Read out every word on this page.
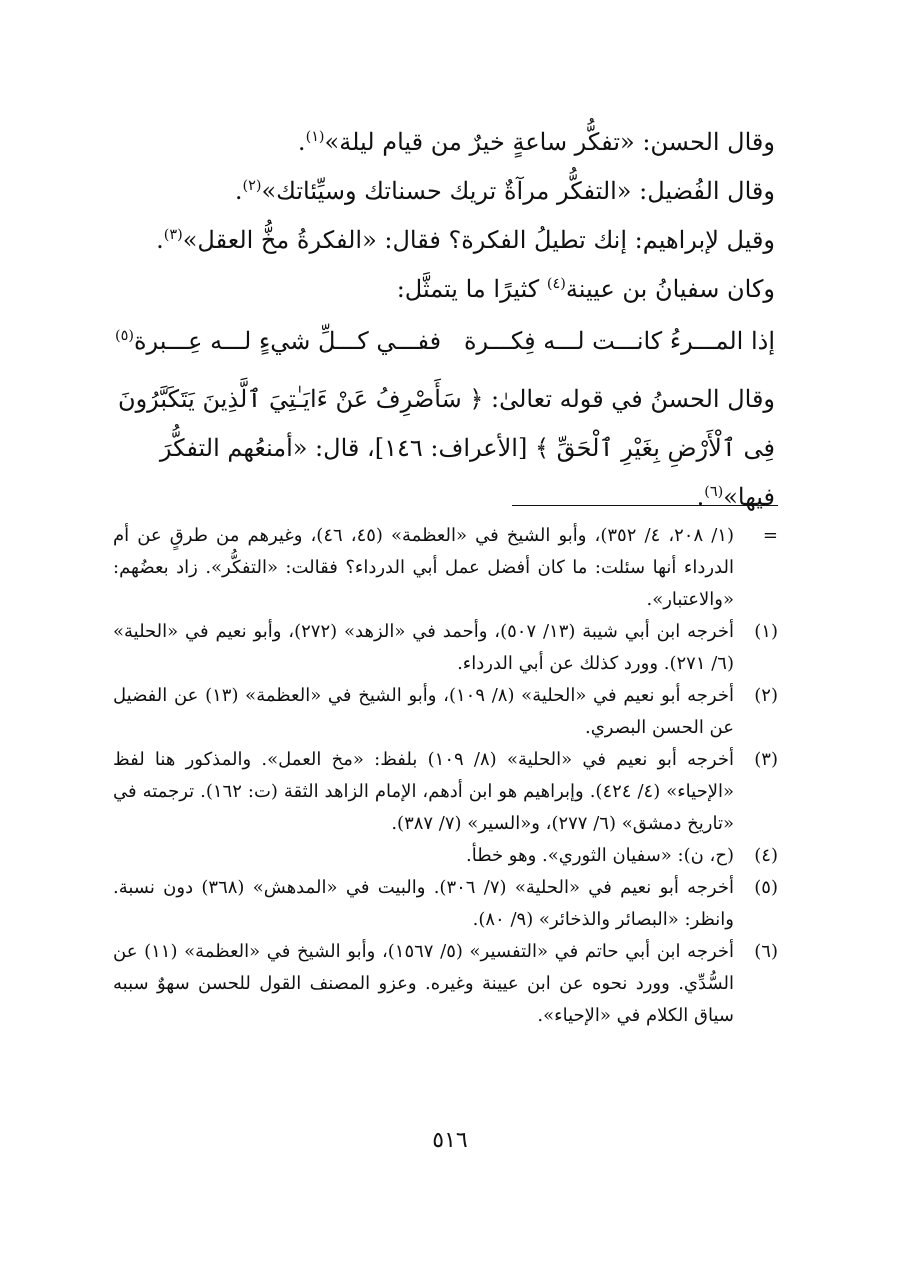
وقال الحسن: «تفكُّر ساعةٍ خيرٌ من قيام ليلة»$^{(١)}$.

وقال الفُضيل: «التفكُّر مرآةٌ تريك حسناتك وسيِّئاتك»$^{(٢)}$.

وقيل لإبراهيم: إنك تطيلُ الفكرة؟ فقال: «الفكرةُ مخُّ العقل»$^{(٣)}$.

وكان سفيانُ بن عيينة$^{(٤)}$ كثيرًا ما يتمثَّل:

إذا المـــرءُ كانـــت لـــه فِكـــرة
ففـــي كـــلِّ شيءٍ لـــه عِـــبرة$^{(٥)}$

وقال الحسنُ في قوله تعالىٰ: ﴿ سَأَصْرِفُ عَنْ ءَايَـٰتِيَ ٱلَّذِينَ يَتَكَبَّرُونَ فِى ٱلْأَرْضِ بِغَيْرِ ٱلْحَقِّ ﴾ [الأعراف: ١٤٦]، قال: «أمنعُهم التفكُّرَ فيها»$^{(٦)}$.

=
(١/ ٢٠٨، ٤/ ٣٥٢)، وأبو الشيخ في «العظمة» (٤٥، ٤٦)، وغيرهم من طرقٍ عن أم الدرداء أنها سئلت: ما كان أفضل عمل أبي الدرداء؟ فقالت: «التفكُّر». زاد بعضُهم: «والاعتبار».
(١)
أخرجه ابن أبي شيبة (١٣/ ٥٠٧)، وأحمد في «الزهد» (٢٧٢)، وأبو نعيم في «الحلية» (٦/ ٢٧١). وورد كذلك عن أبي الدرداء.
(٢)
أخرجه أبو نعيم في «الحلية» (٨/ ١٠٩)، وأبو الشيخ في «العظمة» (١٣) عن الفضيل عن الحسن البصري.
(٣)
أخرجه أبو نعيم في «الحلية» (٨/ ١٠٩) بلفظ: «مخ العمل». والمذكور هنا لفظ «الإحياء» (٤/ ٤٢٤). وإبراهيم هو ابن أدهم، الإمام الزاهد الثقة (ت: ١٦٢). ترجمته في «تاريخ دمشق» (٦/ ٢٧٧)، و«السير» (٧/ ٣٨٧).
(٤)
(ح، ن): «سفيان الثوري». وهو خطأ.
(٥)
أخرجه أبو نعيم في «الحلية» (٧/ ٣٠٦). والبيت في «المدهش» (٣٦٨) دون نسبة. وانظر: «البصائر والذخائر» (٩/ ٨٠).
(٦)
أخرجه ابن أبي حاتم في «التفسير» (٥/ ١٥٦٧)، وأبو الشيخ في «العظمة» (١١) عن السُّدِّي. وورد نحوه عن ابن عيينة وغيره. وعزو المصنف القول للحسن سهوٌ سببه سياق الكلام في «الإحياء».
٥١٦
